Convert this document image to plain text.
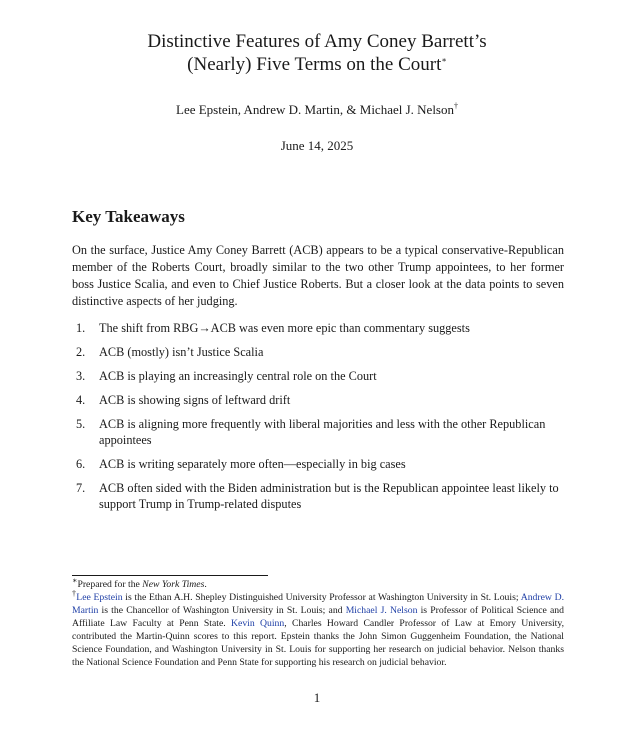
Distinctive Features of Amy Coney Barrett’s
(Nearly) Five Terms on the Court∗
Lee Epstein, Andrew D. Martin, & Michael J. Nelson†
June 14, 2025
Key Takeaways
On the surface, Justice Amy Coney Barrett (ACB) appears to be a typical conservative-Republican member of the Roberts Court, broadly similar to the two other Trump appointees, to her former boss Justice Scalia, and even to Chief Justice Roberts. But a closer look at the data points to seven distinctive aspects of her judging.
1. The shift from RBG→ACB was even more epic than commentary suggests
2. ACB (mostly) isn’t Justice Scalia
3. ACB is playing an increasingly central role on the Court
4. ACB is showing signs of leftward drift
5. ACB is aligning more frequently with liberal majorities and less with the other Republican appointees
6. ACB is writing separately more often—especially in big cases
7. ACB often sided with the Biden administration but is the Republican appointee least likely to support Trump in Trump-related disputes
∗Prepared for the New York Times.
†Lee Epstein is the Ethan A.H. Shepley Distinguished University Professor at Washington University in St. Louis; Andrew D. Martin is the Chancellor of Washington University in St. Louis; and Michael J. Nelson is Professor of Political Science and Affiliate Law Faculty at Penn State. Kevin Quinn, Charles Howard Candler Professor of Law at Emory University, contributed the Martin-Quinn scores to this report. Epstein thanks the John Simon Guggenheim Foundation, the National Science Foundation, and Washington University in St. Louis for supporting her research on judicial behavior. Nelson thanks the National Science Foundation and Penn State for supporting his research on judicial behavior.
1
